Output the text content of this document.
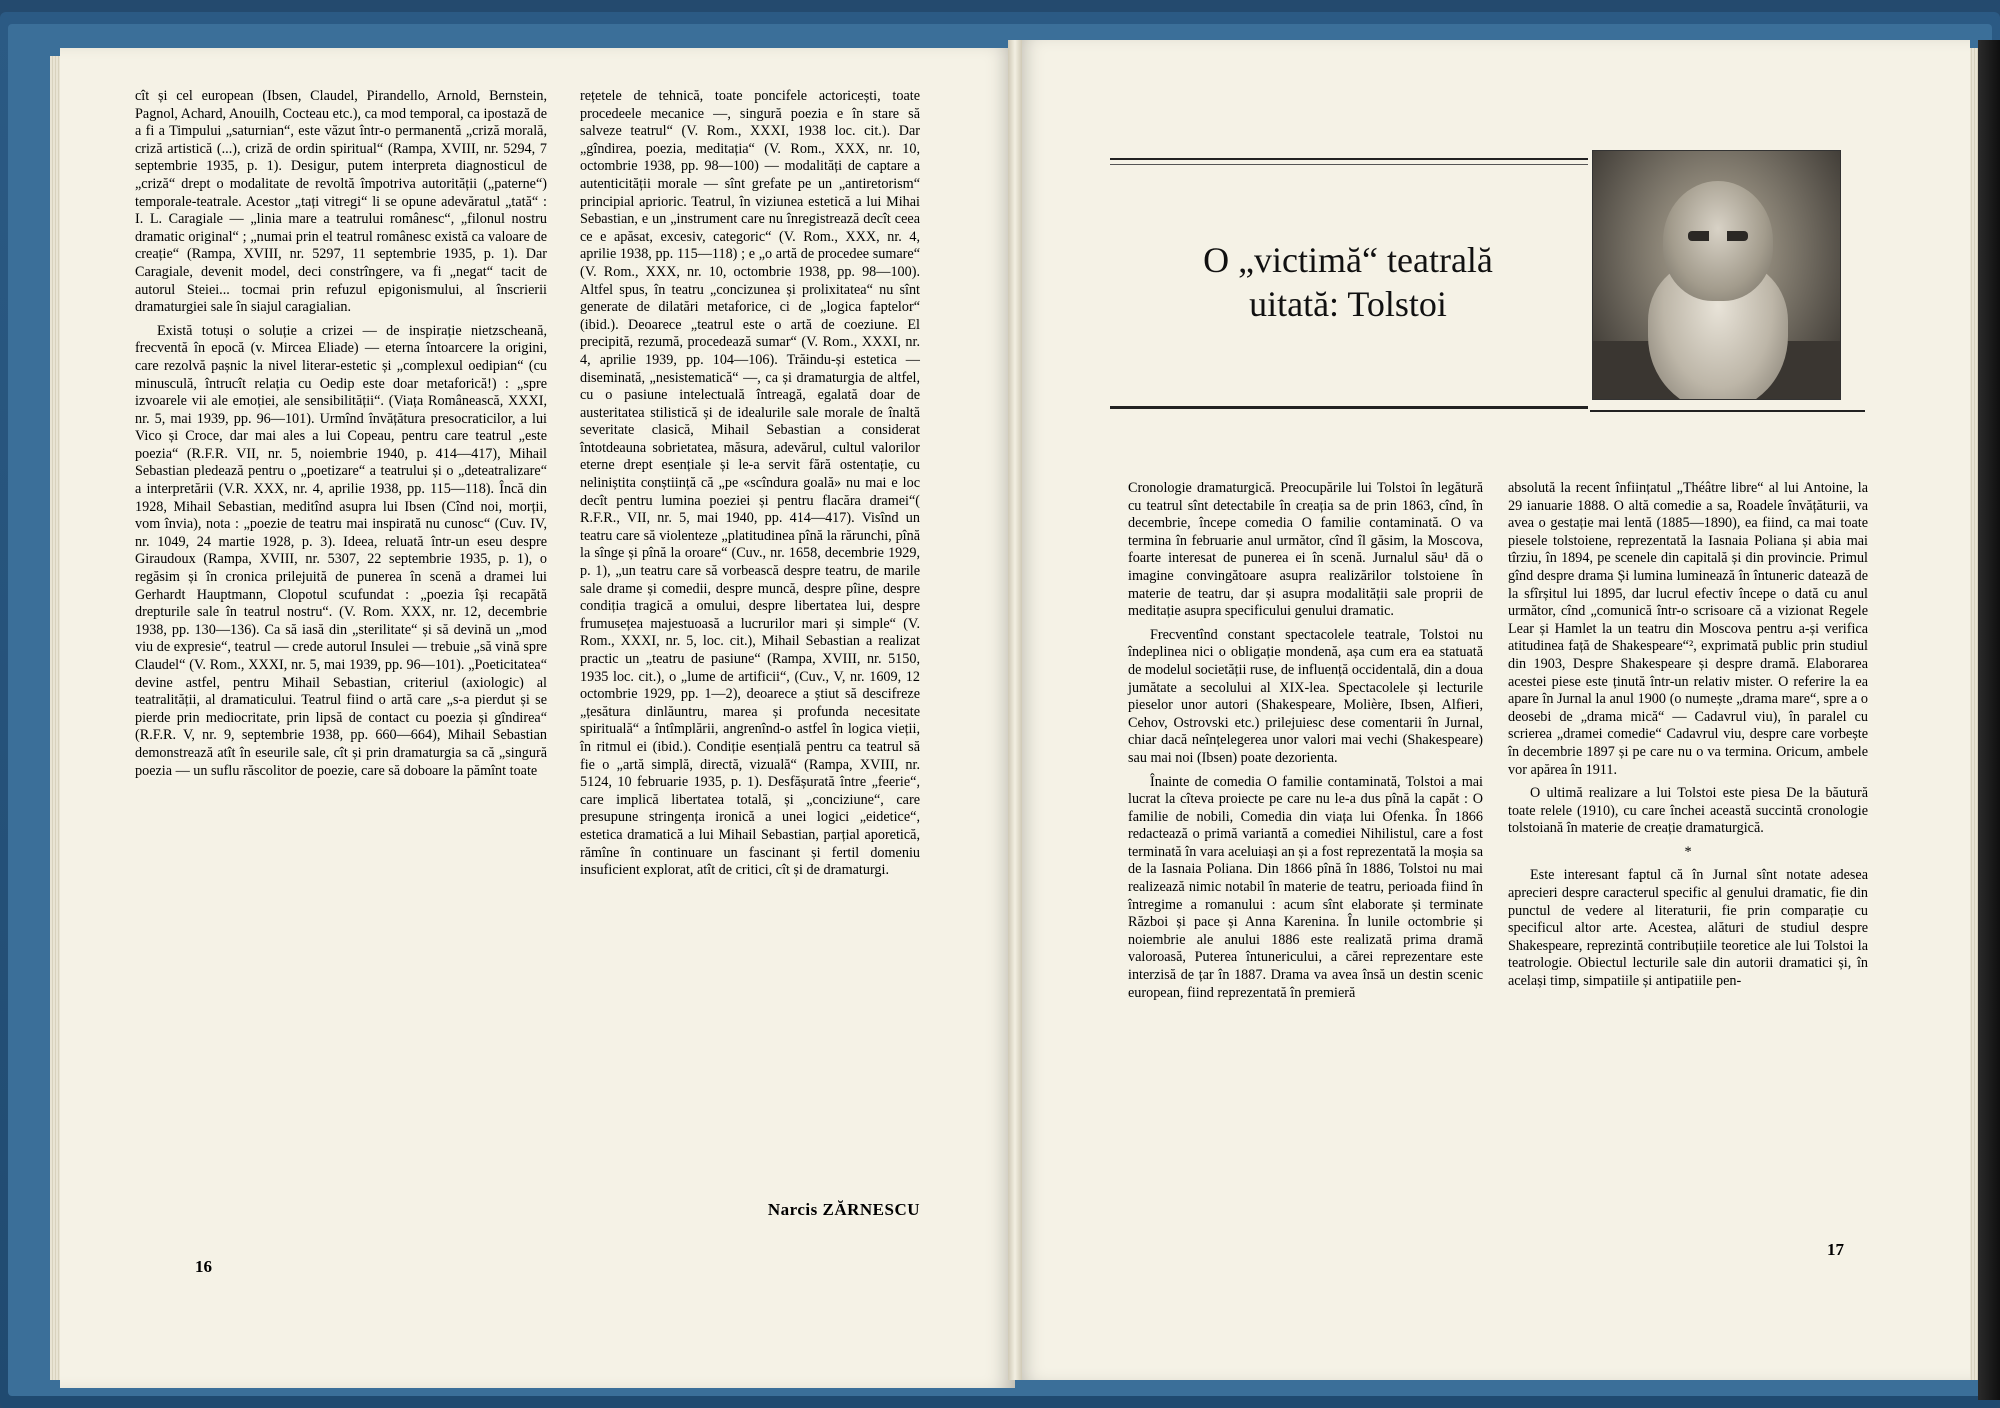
cît și cel european (Ibsen, Claudel, Pirandello, Arnold, Bernstein, Pagnol, Achard, Anouilh, Cocteau etc.), ca mod temporal, ca ipostază de a fi a Timpului „saturnian“, este văzut într-o permanentă „criză morală, criză artistică (...), criză de ordin spiritual“ (Rampa, XVIII, nr. 5294, 7 septembrie 1935, p. 1). Desigur, putem interpreta diagnosticul de „criză“ drept o modalitate de revoltă împotriva autorității („paterne“) temporale-teatrale. Acestor „tați vitregi“ li se opune adevăratul „tată“ : I. L. Caragiale — „linia mare a teatrului românesc“, „filonul nostru dramatic original“ ; „numai prin el teatrul românesc există ca valoare de creație“ (Rampa, XVIII, nr. 5297, 11 septembrie 1935, p. 1). Dar Caragiale, devenit model, deci constrîngere, va fi „negat“ tacit de autorul Steiei... tocmai prin refuzul epigonismului, al înscrierii dramaturgiei sale în siajul caragialian.

Există totuși o soluție a crizei — de inspirație nietzscheană, frecventă în epocă (v. Mircea Eliade) — eterna întoarcere la origini, care rezolvă pașnic la nivel literar-estetic și „complexul oedipian“ (cu minusculă, întrucît relația cu Oedip este doar metaforică!) : „spre izvoarele vii ale emoției, ale sensibilității“. (Viața Românească, XXXI, nr. 5, mai 1939, pp. 96—101). Urmînd învățătura presocraticilor, a lui Vico și Croce, dar mai ales a lui Copeau, pentru care teatrul „este poezia“ (R.F.R. VII, nr. 5, noiembrie 1940, p. 414—417), Mihail Sebastian pledează pentru o „poetizare“ a teatrului și o „deteatralizare“ a interpretării (V.R. XXX, nr. 4, aprilie 1938, pp. 115—118). Încă din 1928, Mihail Sebastian, meditînd asupra lui Ibsen (Cînd noi, morții, vom învia), nota : „poezie de teatru mai inspirată nu cunosc“ (Cuv. IV, nr. 1049, 24 martie 1928, p. 3). Ideea, reluată într-un eseu despre Giraudoux (Rampa, XVIII, nr. 5307, 22 septembrie 1935, p. 1), o regăsim și în cronica prilejuită de punerea în scenă a dramei lui Gerhardt Hauptmann, Clopotul scufundat : „poezia își recapătă drepturile sale în teatrul nostru“. (V. Rom. XXX, nr. 12, decembrie 1938, pp. 130—136). Ca să iasă din „sterilitate“ și să devină un „mod viu de expresie“, teatrul — crede autorul Insulei — trebuie „să vină spre Claudel“ (V. Rom., XXXI, nr. 5, mai 1939, pp. 96—101). „Poeticitatea“ devine astfel, pentru Mihail Sebastian, criteriul (axiologic) al teatralității, al dramaticului. Teatrul fiind o artă care „s-a pierdut și se pierde prin mediocritate, prin lipsă de contact cu poezia și gîndirea“ (R.F.R. V, nr. 9, septembrie 1938, pp. 660—664), Mihail Sebastian demonstrează atît în eseurile sale, cît și prin dramaturgia sa că „singură poezia — un suflu răscolitor de poezie, care să doboare la pămînt toate

rețetele de tehnică, toate poncifele actoricești, toate procedeele mecanice —, singură poezia e în stare să salveze teatrul“ (V. Rom., XXXI, 1938 loc. cit.). Dar „gîndirea, poezia, meditația“ (V. Rom., XXX, nr. 10, octombrie 1938, pp. 98—100) — modalități de captare a autenticității morale — sînt grefate pe un „antiretorism“ principial aprioric. Teatrul, în viziunea estetică a lui Mihai Sebastian, e un „instrument care nu înregistrează decît ceea ce e apăsat, excesiv, categoric“ (V. Rom., XXX, nr. 4, aprilie 1938, pp. 115—118) ; e „o artă de procedee sumare“ (V. Rom., XXX, nr. 10, octombrie 1938, pp. 98—100). Altfel spus, în teatru „concizunea și prolixitatea“ nu sînt generate de dilatări metaforice, ci de „logica faptelor“ (ibid.). Deoarece „teatrul este o artă de coeziune. El precipită, rezumă, procedează sumar“ (V. Rom., XXXI, nr. 4, aprilie 1939, pp. 104—106). Trăindu-și estetica — diseminată, „nesistematică“ —, ca și dramaturgia de altfel, cu o pasiune intelectuală întreagă, egalată doar de austeritatea stilistică și de idealurile sale morale de înaltă severitate clasică, Mihail Sebastian a considerat întotdeauna sobrietatea, măsura, adevărul, cultul valorilor eterne drept esențiale și le-a servit fără ostentație, cu neliniștita conștiință că „pe «scîndura goală» nu mai e loc decît pentru lumina poeziei și pentru flacăra dramei“( R.F.R., VII, nr. 5, mai 1940, pp. 414—417). Visînd un teatru care să violenteze „platitudinea pînă la rărunchi, pînă la sînge și pînă la oroare“ (Cuv., nr. 1658, decembrie 1929, p. 1), „un teatru care să vorbească despre teatru, de marile sale drame și comedii, despre muncă, despre pîine, despre condiția tragică a omului, despre libertatea lui, despre frumusețea majestuoasă a lucrurilor mari și simple“ (V. Rom., XXXI, nr. 5, loc. cit.), Mihail Sebastian a realizat practic un „teatru de pasiune“ (Rampa, XVIII, nr. 5150, 1935 loc. cit.), o „lume de artificii“, (Cuv., V, nr. 1609, 12 octombrie 1929, pp. 1—2), deoarece a știut să descifreze „țesătura dinlăuntru, marea și profunda necesitate spirituală“ a întîmplării, angrenînd-o astfel în logica vieții, în ritmul ei (ibid.). Condiție esențială pentru ca teatrul să fie o „artă simplă, directă, vizuală“ (Rampa, XVIII, nr. 5124, 10 februarie 1935, p. 1). Desfășurată între „feerie“, care implică libertatea totală, și „conciziune“, care presupune stringența ironică a unei logici „eidetice“, estetica dramatică a lui Mihail Sebastian, parțial aporetică, rămîne în continuare un fascinant și fertil domeniu insuficient explorat, atît de critici, cît și de dramaturgi.

Narcis ZĂRNESCU
16
O „victimă“ teatrală
uitată: Tolstoi

Cronologie dramaturgică. Preocupările lui Tolstoi în legătură cu teatrul sînt detectabile în creația sa de prin 1863, cînd, în decembrie, începe comedia O familie contaminată. O va termina în februarie anul următor, cînd îl găsim, la Moscova, foarte interesat de punerea ei în scenă. Jurnalul său¹ dă o imagine convingătoare asupra realizărilor tolstoiene în materie de teatru, dar și asupra modalității sale proprii de meditație asupra specificului genului dramatic.

Frecventînd constant spectacolele teatrale, Tolstoi nu îndeplinea nici o obligație mondenă, așa cum era ea statuată de modelul societății ruse, de influență occidentală, din a doua jumătate a secolului al XIX-lea. Spectacolele și lecturile pieselor unor autori (Shakespeare, Molière, Ibsen, Alfieri, Cehov, Ostrovski etc.) prilejuiesc dese comentarii în Jurnal, chiar dacă neînțelegerea unor valori mai vechi (Shakespeare) sau mai noi (Ibsen) poate dezorienta.

Înainte de comedia O familie contaminată, Tolstoi a mai lucrat la cîteva proiecte pe care nu le-a dus pînă la capăt : O familie de nobili, Comedia din viața lui Ofenka. În 1866 redactează o primă variantă a comediei Nihilistul, care a fost terminată în vara aceluiași an și a fost reprezentată la moșia sa de la Iasnaia Poliana. Din 1866 pînă în 1886, Tolstoi nu mai realizează nimic notabil în materie de teatru, perioada fiind în întregime a romanului : acum sînt elaborate și terminate Război și pace și Anna Karenina. În lunile octombrie și noiembrie ale anului 1886 este realizată prima dramă valoroasă, Puterea întunericului, a cărei reprezentare este interzisă de țar în 1887. Drama va avea însă un destin scenic european, fiind reprezentată în premieră

absolută la recent înființatul „Théâtre libre“ al lui Antoine, la 29 ianuarie 1888. O altă comedie a sa, Roadele învățăturii, va avea o gestație mai lentă (1885—1890), ea fiind, ca mai toate piesele tolstoiene, reprezentată la Iasnaia Poliana și abia mai tîrziu, în 1894, pe scenele din capitală și din provincie. Primul gînd despre drama Și lumina luminează în întuneric datează de la sfîrșitul lui 1895, dar lucrul efectiv începe o dată cu anul următor, cînd „comunică într-o scrisoare că a vizionat Regele Lear și Hamlet la un teatru din Moscova pentru a-și verifica atitudinea față de Shakespeare“², exprimată public prin studiul din 1903, Despre Shakespeare și despre dramă. Elaborarea acestei piese este ținută într-un relativ mister. O referire la ea apare în Jurnal la anul 1900 (o numește „drama mare“, spre a o deosebi de „drama mică“ — Cadavrul viu), în paralel cu scrierea „dramei comedie“ Cadavrul viu, despre care vorbește în decembrie 1897 și pe care nu o va termina. Oricum, ambele vor apărea în 1911.

O ultimă realizare a lui Tolstoi este piesa De la băutură toate relele (1910), cu care închei această succintă cronologie tolstoiană în materie de creație dramaturgică.

*

Este interesant faptul că în Jurnal sînt notate adesea aprecieri despre caracterul specific al genului dramatic, fie din punctul de vedere al literaturii, fie prin comparație cu specificul altor arte. Acestea, alături de studiul despre Shakespeare, reprezintă contribuțiile teoretice ale lui Tolstoi la teatrologie. Obiectul lecturile sale din autorii dramatici și, în același timp, simpatiile și antipatiile pen-

17
